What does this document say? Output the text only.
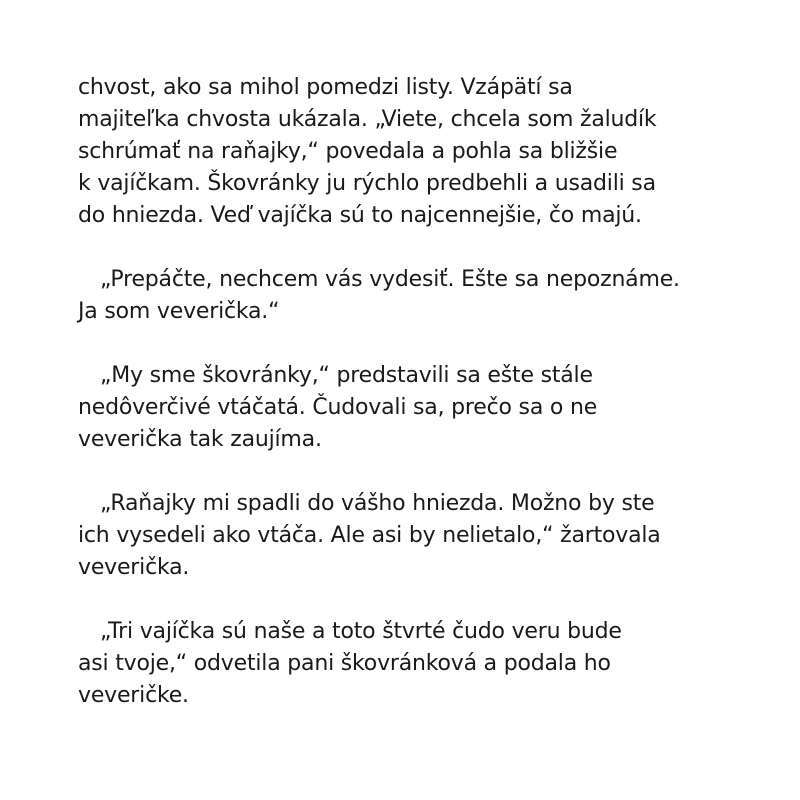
chvost, ako sa mihol pomedzi listy. Vzápätí sa
majiteľka chvosta ukázala. „Viete, chcela som žaludík
schrúmať na raňajky,“ povedala a pohla sa bližšie
k vajíčkam. Škovránky ju rýchlo predbehli a usadili sa
do hniezda. Veď vajíčka sú to najcennejšie, čo majú.

„Prepáčte, nechcem vás vydesiť. Ešte sa nepoznáme.
Ja som veverička.“

„My sme škovránky,“ predstavili sa ešte stále
nedôverčivé vtáčatá. Čudovali sa, prečo sa o ne
veverička tak zaujíma.

„Raňajky mi spadli do vášho hniezda. Možno by ste
ich vysedeli ako vtáča. Ale asi by nelietalo,“ žartovala
veverička.

„Tri vajíčka sú naše a toto štvrté čudo veru bude
asi tvoje,“ odvetila pani škovránková a podala ho
veveričke.
